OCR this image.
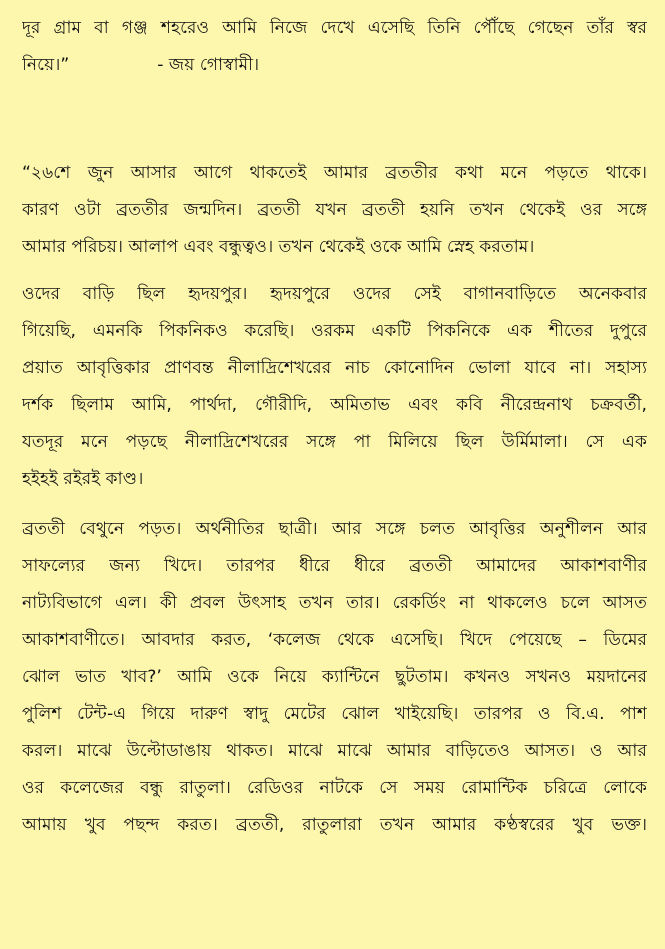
দূর গ্রাম বা গঞ্জ শহরেও আমি নিজে দেখে এসেছি তিনি পৌঁছে গেছেন তাঁর স্বর
নিয়ে।”	- জয় গোস্বামী।
“২৬শে জুন আসার আগে থাকতেই আমার ব্রততীর কথা মনে পড়তে থাকে।
কারণ ওটা ব্রততীর জন্মদিন। ব্রততী যখন ব্রততী হয়নি তখন থেকেই ওর সঙ্গে
আমার পরিচয়। আলাপ এবং বন্ধুত্বও। তখন থেকেই ওকে আমি স্নেহ করতাম।
ওদের বাড়ি ছিল হৃদয়পুর। হৃদয়পুরে ওদের সেই বাগানবাড়িতে অনেকবার
গিয়েছি, এমনকি পিকনিকও করেছি। ওরকম একটি পিকনিকে এক শীতের দুপুরে
প্রয়াত আবৃত্তিকার প্রাণবন্ত নীলাদ্রিশেখরের নাচ কোনোদিন ভোলা যাবে না। সহাস্য
দর্শক ছিলাম আমি, পার্থদা, গৌরীদি, অমিতাভ এবং কবি নীরেন্দ্রনাথ চক্রবর্তী,
যতদূর মনে পড়ছে নীলাদ্রিশেখরের সঙ্গে পা মিলিয়ে ছিল উর্মিমালা। সে এক
হইহই রইরই কাণ্ড।
ব্রততী বেথুনে পড়ত। অর্থনীতির ছাত্রী। আর সঙ্গে চলত আবৃত্তির অনুশীলন আর
সাফল্যের জন্য খিদে। তারপর ধীরে ধীরে ব্রততী আমাদের আকাশবাণীর
নাট্যবিভাগে এল। কী প্রবল উৎসাহ তখন তার। রেকর্ডিং না থাকলেও চলে আসত
আকাশবাণীতে। আবদার করত, ‘কলেজ থেকে এসেছি। খিদে পেয়েছে – ডিমের
ঝোল ভাত খাব?’ আমি ওকে নিয়ে ক্যান্টিনে ছুটতাম। কখনও সখনও ময়দানের
পুলিশ টেন্ট-এ গিয়ে দারুণ স্বাদু মেটের ঝোল খাইয়েছি। তারপর ও বি.এ. পাশ
করল। মাঝে উল্টোডাঙায় থাকত। মাঝে মাঝে আমার বাড়িতেও আসত। ও আর
ওর কলেজের বন্ধু রাতুলা। রেডিওর নাটকে সে সময় রোমান্টিক চরিত্রে লোকে
আমায় খুব পছন্দ করত। ব্রততী, রাতুলারা তখন আমার কণ্ঠস্বরের খুব ভক্ত।
